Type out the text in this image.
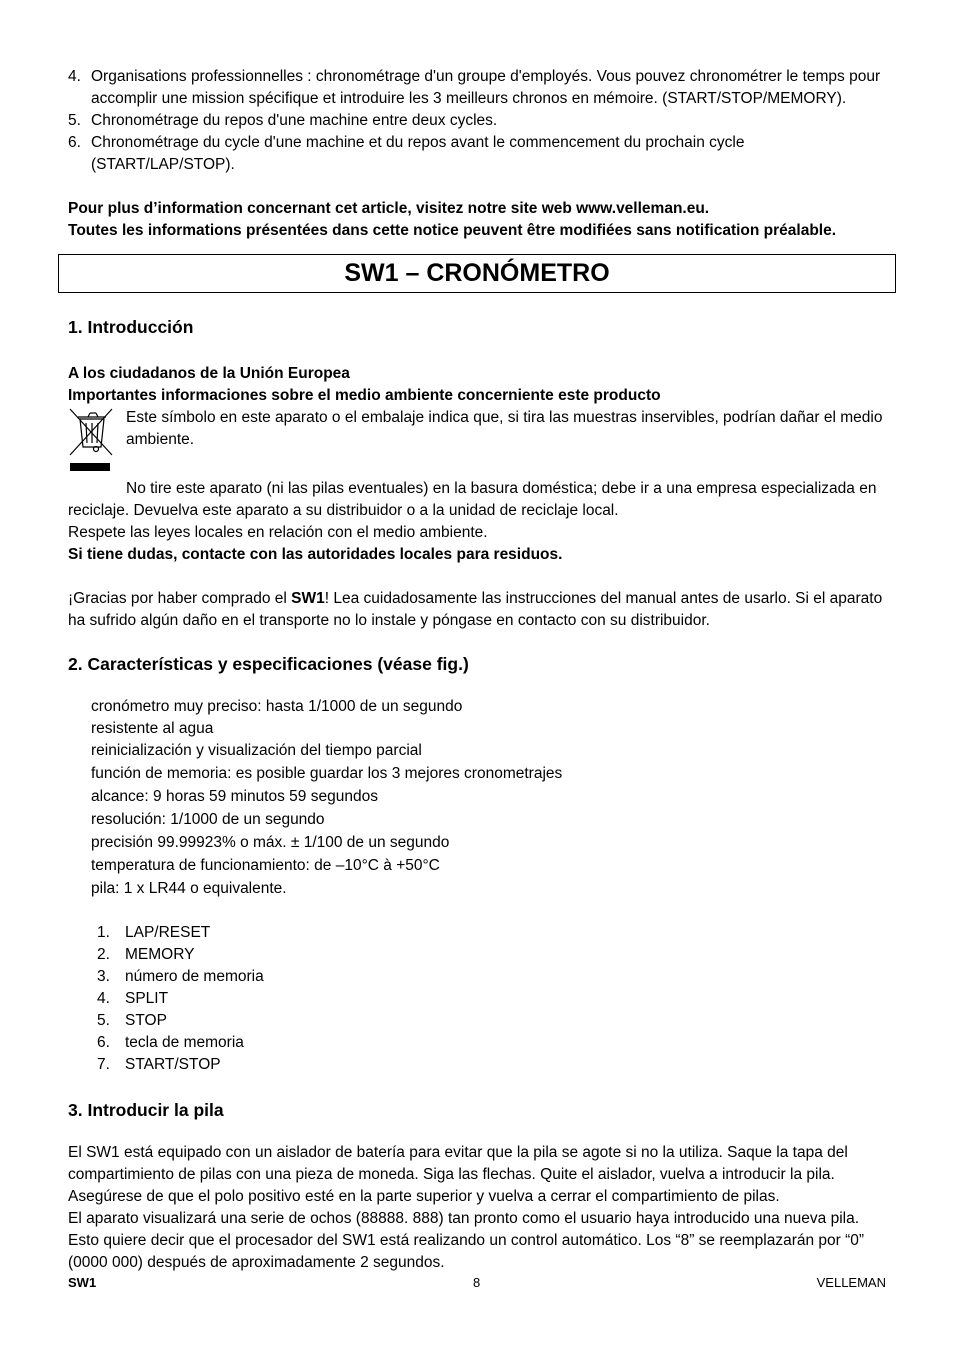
4. Organisations professionnelles : chronométrage d'un groupe d'employés. Vous pouvez chronométrer le temps pour accomplir une mission spécifique et introduire les 3 meilleurs chronos en mémoire. (START/STOP/MEMORY).
5. Chronométrage du repos d'une machine entre deux cycles.
6. Chronométrage du cycle d'une machine et du repos avant le commencement du prochain cycle (START/LAP/STOP).

Pour plus d’information concernant cet article, visitez notre site web www.velleman.eu.

Toutes les informations présentées dans cette notice peuvent être modifiées sans notification préalable.

SW1 – CRONÓMETRO
1. Introducción

A los ciudadanos de la Unión Europea

Importantes informaciones sobre el medio ambiente concerniente este producto

Este símbolo en este aparato o el embalaje indica que, si tira las muestras inservibles, podrían dañar el medio ambiente.

No tire este aparato (ni las pilas eventuales) en la basura doméstica; debe ir a una empresa especializada en reciclaje. Devuelva este aparato a su distribuidor o a la unidad de reciclaje local.

Respete las leyes locales en relación con el medio ambiente.

Si tiene dudas, contacte con las autoridades locales para residuos.

¡Gracias por haber comprado el SW1! Lea cuidadosamente las instrucciones del manual antes de usarlo. Si el aparato ha sufrido algún daño en el transporte no lo instale y póngase en contacto con su distribuidor.

2. Características y especificaciones (véase fig.)

cronómetro muy preciso: hasta 1/1000 de un segundo

resistente al agua

reinicialización y visualización del tiempo parcial

función de memoria: es posible guardar los 3 mejores cronometrajes

alcance: 9 horas 59 minutos 59 segundos

resolución: 1/1000 de un segundo

precisión 99.99923% o máx. ± 1/100 de un segundo

temperatura de funcionamiento: de –10°C à +50°C

pila: 1 x LR44 o equivalente.

1. LAP/RESET
2. MEMORY
3. número de memoria
4. SPLIT
5. STOP
6. tecla de memoria
7. START/STOP
3. Introducir la pila

El SW1 está equipado con un aislador de batería para evitar que la pila se agote si no la utiliza. Saque la tapa del compartimiento de pilas con una pieza de moneda. Siga las flechas. Quite el aislador, vuelva a introducir la pila. Asegúrese de que el polo positivo esté en la parte superior y vuelva a cerrar el compartimiento de pilas.

El aparato visualizará una serie de ochos (88888. 888) tan pronto como el usuario haya introducido una nueva pila. Esto quiere decir que el procesador del SW1 está realizando un control automático. Los “8” se reemplazarán por “0” (0000 000) después de aproximadamente 2 segundos.

SW1	8	VELLEMAN
